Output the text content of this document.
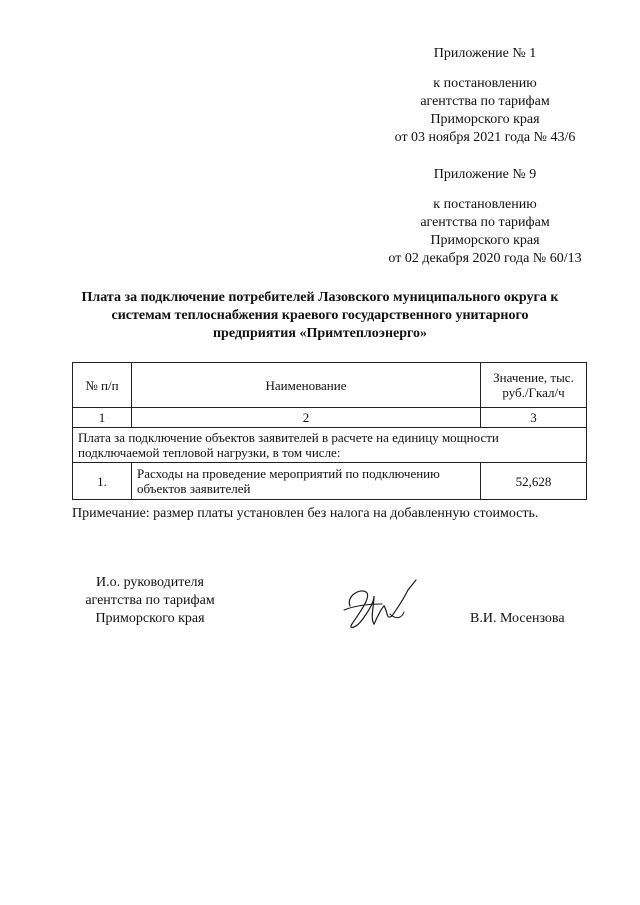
Приложение № 1
к постановлению
агентства по тарифам
Приморского края
от 03 ноября 2021 года № 43/6
Приложение № 9
к постановлению
агентства по тарифам
Приморского края
от 02 декабря 2020 года № 60/13
Плата за подключение потребителей Лазовского муниципального округа к системам теплоснабжения краевого государственного унитарного предприятия «Примтеплоэнерго»
№ п/п	Наименование	Значение, тыс. руб./Гкал/ч
1	2	3
Плата за подключение объектов заявителей в расчете на единицу мощности подключаемой тепловой нагрузки, в том числе:		
1.	Расходы на проведение мероприятий по подключению объектов заявителей	52,628
Примечание: размер платы установлен без налога на добавленную стоимость.
И.о. руководителя
агентства по тарифам
Приморского края	В.И. Мосензова
